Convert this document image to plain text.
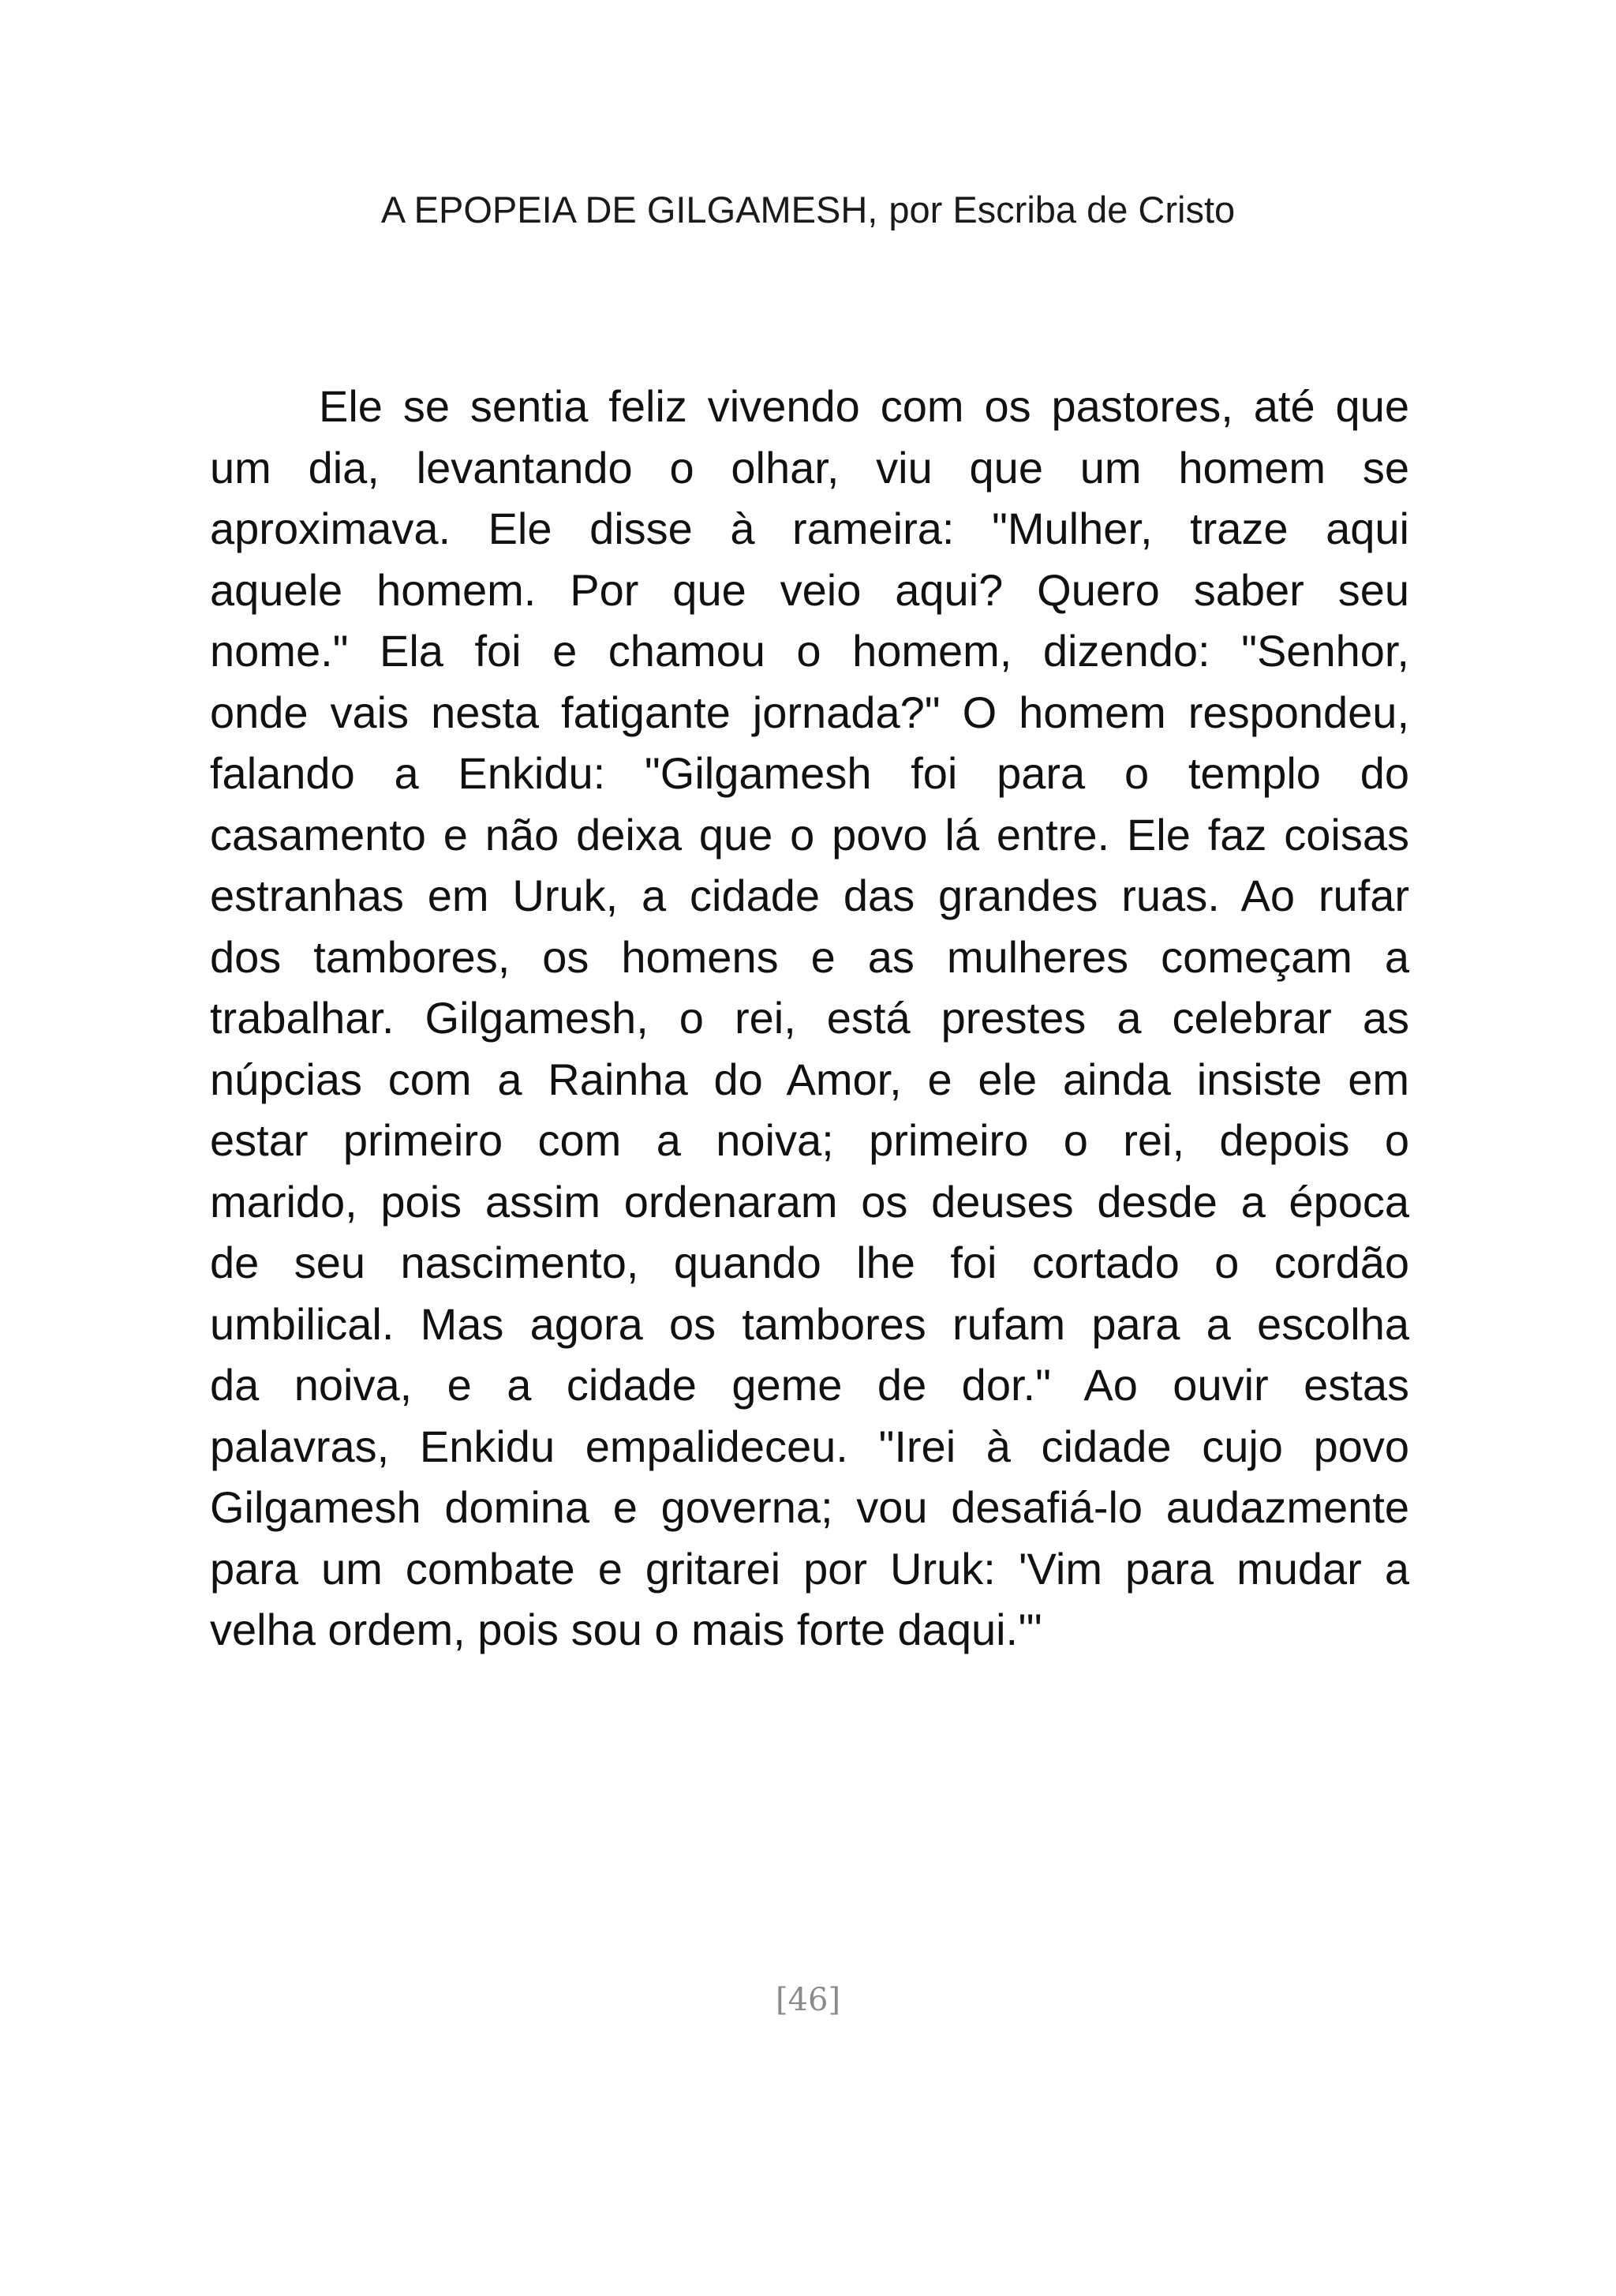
A EPOPEIA DE GILGAMESH, por Escriba de Cristo
Ele se sentia feliz vivendo com os pastores, até que
um dia, levantando o olhar, viu que um homem se
aproximava. Ele disse à rameira: "Mulher, traze aqui
aquele homem. Por que veio aqui? Quero saber seu
nome." Ela foi e chamou o homem, dizendo: "Senhor,
onde vais nesta fatigante jornada?" O homem respondeu,
falando a Enkidu: "Gilgamesh foi para o templo do
casamento e não deixa que o povo lá entre. Ele faz coisas
estranhas em Uruk, a cidade das grandes ruas. Ao rufar
dos tambores, os homens e as mulheres começam a
trabalhar. Gilgamesh, o rei, está prestes a celebrar as
núpcias com a Rainha do Amor, e ele ainda insiste em
estar primeiro com a noiva; primeiro o rei, depois o
marido, pois assim ordenaram os deuses desde a época
de seu nascimento, quando lhe foi cortado o cordão
umbilical. Mas agora os tambores rufam para a escolha
da noiva, e a cidade geme de dor." Ao ouvir estas
palavras, Enkidu empalideceu. "Irei à cidade cujo povo
Gilgamesh domina e governa; vou desafiá-lo audazmente
para um combate e gritarei por Uruk: 'Vim para mudar a
velha ordem, pois sou o mais forte daqui.'"
[46]
